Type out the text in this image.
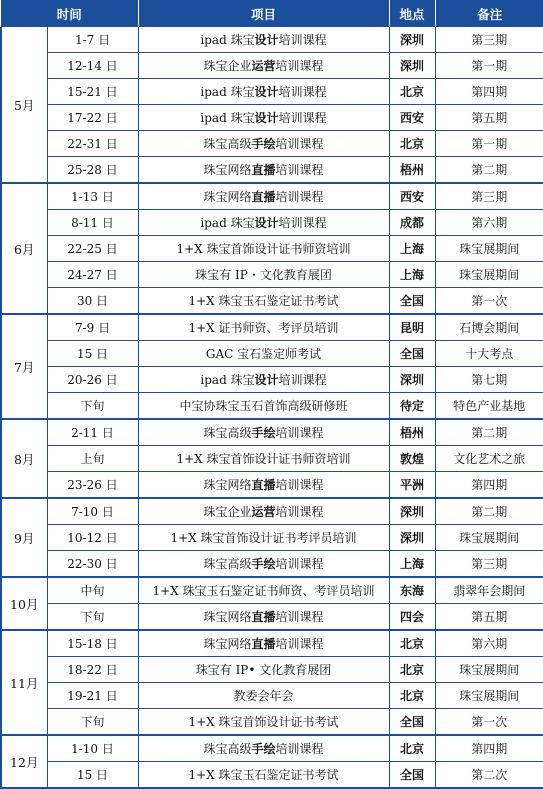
时间		项目	地点	备注
5月	1-7 日	ipad 珠宝设计培训课程	深圳	第三期
	12-14 日	珠宝企业运营培训课程	深圳	第一期
	15-21 日	ipad 珠宝设计培训课程	北京	第四期
	17-22 日	ipad 珠宝设计培训课程	西安	第五期
	22-31 日	珠宝高级手绘培训课程	北京	第一期
	25-28 日	珠宝网络直播培训课程	梧州	第二期
6月	1-13 日	珠宝网络直播培训课程	西安	第三期
	8-11 日	ipad 珠宝设计培训课程	成都	第六期
	22-25 日	1+X 珠宝首饰设计证书师资培训	上海	珠宝展期间
	24-27 日	珠宝有 IP・文化教育展团	上海	珠宝展期间
	30 日	1+X 珠宝玉石鉴定证书考试	全国	第一次
7月	7-9 日	1+X 证书师资、考评员培训	昆明	石博会期间
	15 日	GAC 宝石鉴定师考试	全国	十大考点
	20-26 日	ipad 珠宝设计培训课程	深圳	第七期
	下旬	中宝协珠宝玉石首饰高级研修班	待定	特色产业基地
8月	2-11 日	珠宝高级手绘培训课程	梧州	第二期
	上旬	1+X 珠宝首饰设计证书师资培训	敦煌	文化艺术之旅
	23-26 日	珠宝网络直播培训课程	平洲	第四期
9月	7-10 日	珠宝企业运营培训课程	深圳	第二期
	10-12 日	1+X 珠宝首饰设计证书考评员培训	深圳	珠宝展期间
	22-30 日	珠宝高级手绘培训课程	上海	第三期
10月	中旬	1+X 珠宝玉石鉴定证书师资、考评员培训	东海	翡翠年会期间
	下旬	珠宝网络直播培训课程	四会	第五期
11月	15-18 日	珠宝网络直播培训课程	北京	第六期
	18-22 日	珠宝有 IP• 文化教育展团	北京	珠宝展期间
	19-21 日	教委会年会	北京	珠宝展期间
	下旬	1+X 珠宝首饰设计证书考试	全国	第一次
12月	1-10 日	珠宝高级手绘培训课程	北京	第四期
	15 日	1+X 珠宝玉石鉴定证书考试	全国	第二次
